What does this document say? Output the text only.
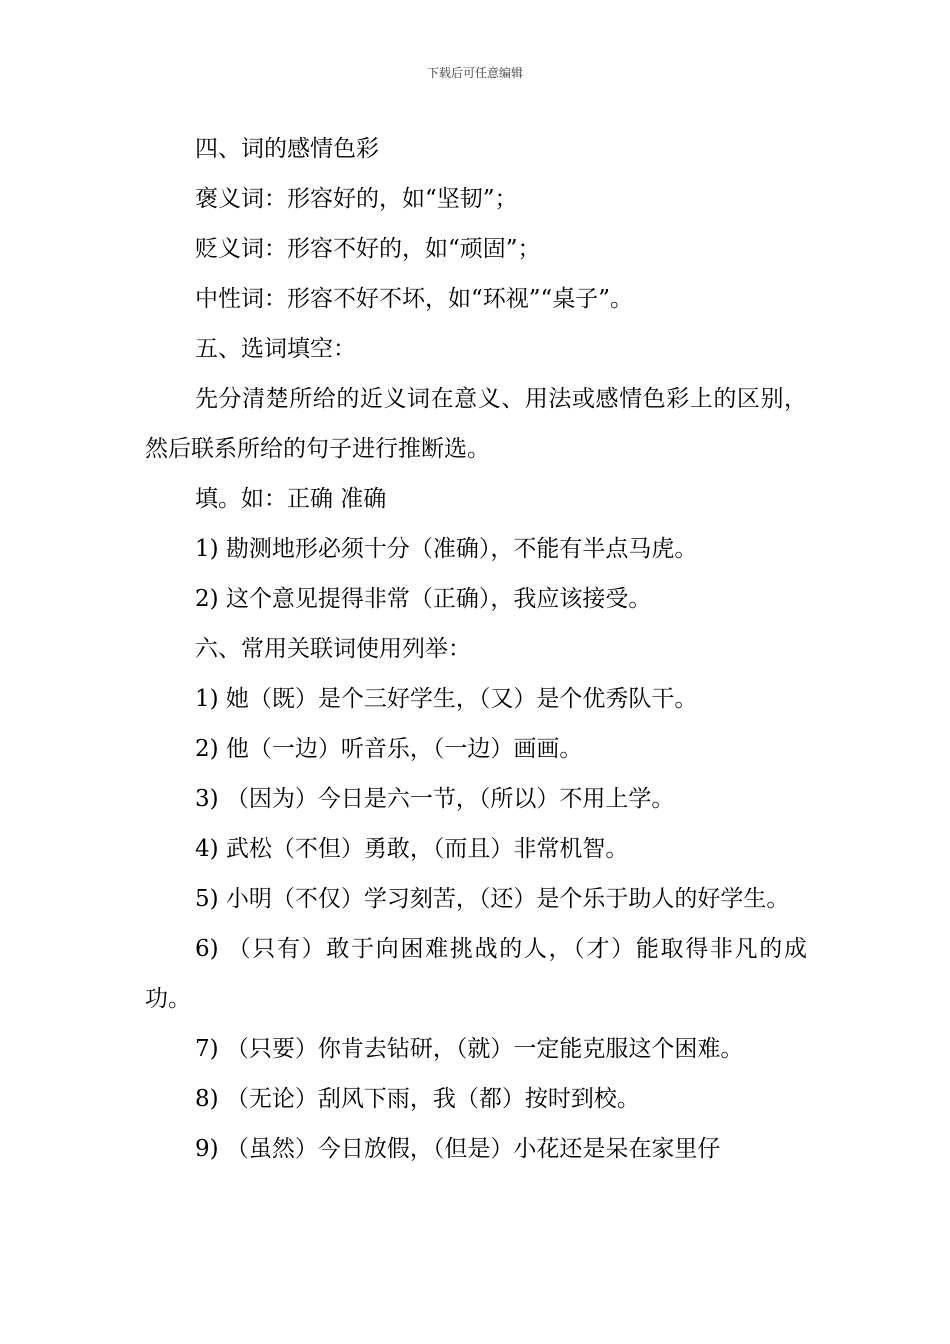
下载后可任意编辑

四、词的感情色彩

褒义词：形容好的，如“坚韧”；

贬义词：形容不好的，如“顽固”；

中性词：形容不好不坏，如“环视”“桌子”。

五、选词填空：

先分清楚所给的近义词在意义、用法或感情色彩上的区别，然后联系所给的句子进行推断选。

填。如：正确 准确

1) 勘测地形必须十分（准确），不能有半点马虎。

2) 这个意见提得非常（正确），我应该接受。

六、常用关联词使用列举：

1) 她（既）是个三好学生，（又）是个优秀队干。

2) 他（一边）听音乐，（一边）画画。

3) （因为）今日是六一节，（所以）不用上学。

4) 武松（不但）勇敢，（而且）非常机智。

5) 小明（不仅）学习刻苦，（还）是个乐于助人的好学生。

6) （只有）敢于向困难挑战的人，（才）能取得非凡的成功。

7) （只要）你肯去钻研，（就）一定能克服这个困难。

8) （无论）刮风下雨，我（都）按时到校。

9) （虽然）今日放假，（但是）小花还是呆在家里仔
